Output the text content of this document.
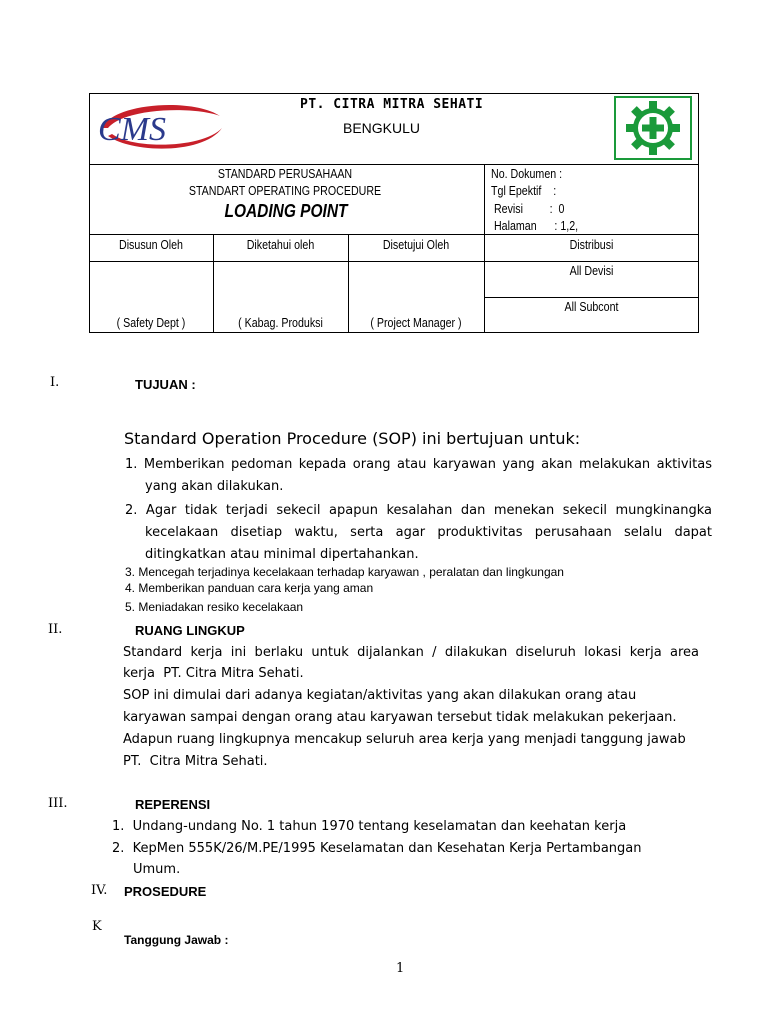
CMS
PT. CITRA MITRA SEHATI
BENGKULU
STANDARD PERUSAHAAN
STANDART OPERATING PROCEDURE
LOADING POINT
No. Dokumen :
Tgl Epektif    :
Revisi         :  0
Halaman      : 1,2,
Disusun Oleh	Diketahui oleh	Disetujui Oleh	Distribusi
( Safety Dept )	( Kabag. Produksi	( Project Manager )
All Devisi
All Subcont
I.	TUJUAN :
Standard Operation Procedure (SOP) ini bertujuan untuk:
1. Memberikan pedoman kepada orang atau karyawan yang akan melakukan aktivitas
yang akan dilakukan.
2. Agar tidak terjadi sekecil apapun kesalahan dan menekan sekecil mungkinangka
kecelakaan disetiap waktu, serta agar produktivitas perusahaan selalu dapat
ditingkatkan atau minimal dipertahankan.
3. Mencegah terjadinya kecelakaan terhadap karyawan , peralatan dan lingkungan
4. Memberikan panduan cara kerja yang aman
5. Meniadakan resiko kecelakaan
II.	RUANG LINGKUP
Standard kerja ini berlaku untuk dijalankan / dilakukan diseluruh lokasi kerja area
kerja  PT. Citra Mitra Sehati.
SOP ini dimulai dari adanya kegiatan/aktivitas yang akan dilakukan orang atau
karyawan sampai dengan orang atau karyawan tersebut tidak melakukan pekerjaan.
Adapun ruang lingkupnya mencakup seluruh area kerja yang menjadi tanggung jawab
PT.  Citra Mitra Sehati.
III.	REPERENSI
1.  Undang-undang No. 1 tahun 1970 tentang keselamatan dan keehatan kerja
2.  KepMen 555K/26/M.PE/1995 Keselamatan dan Kesehatan Kerja Pertambangan
Umum.
IV. PROSEDURE
K
Tanggung Jawab :
1
